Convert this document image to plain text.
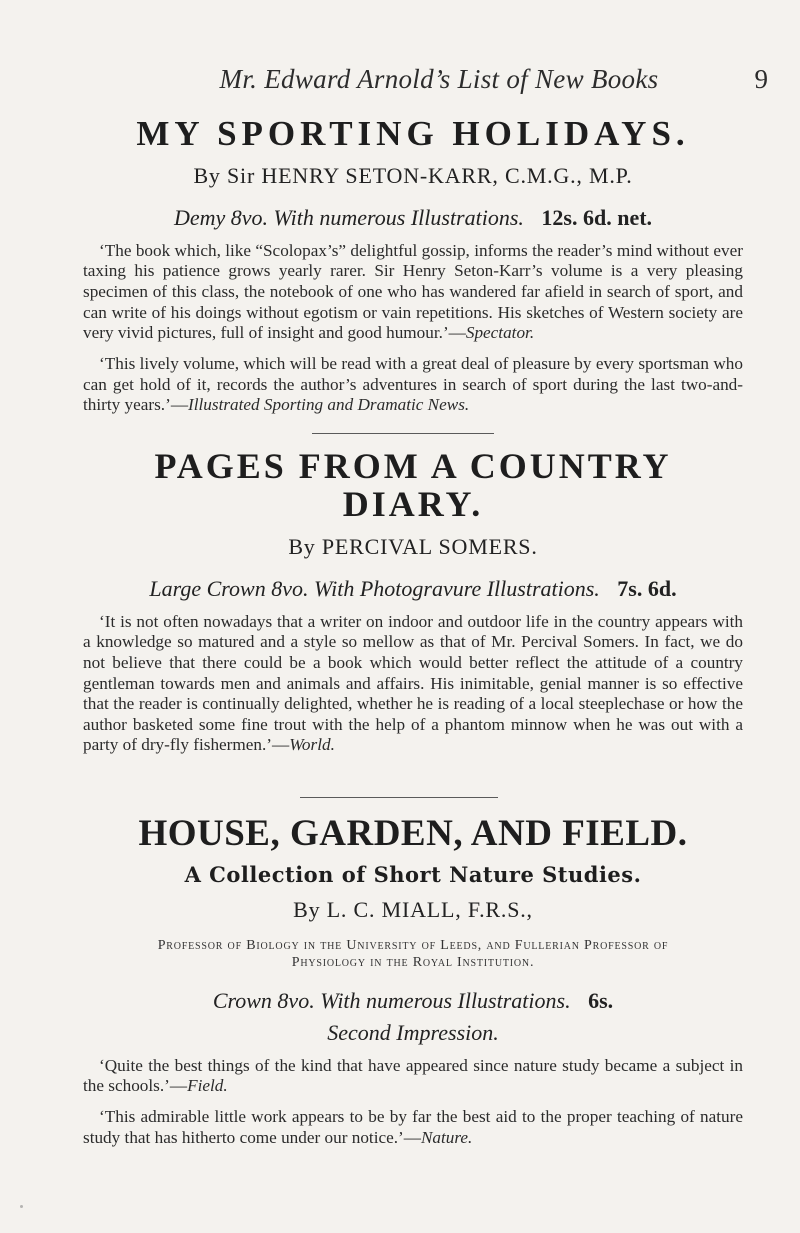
Mr. Edward Arnold’s List of New Books	9
MY SPORTING HOLIDAYS.
By Sir HENRY SETON-KARR, C.M.G., M.P.
Demy 8vo. With numerous Illustrations. 12s. 6d. net.

‘The book which, like “Scolopax’s” delightful gossip, informs the reader’s mind without ever taxing his patience grows yearly rarer. Sir Henry Seton-Karr’s volume is a very pleasing specimen of this class, the notebook of one who has wandered far afield in search of sport, and can write of his doings without egotism or vain repetitions. His sketches of Western society are very vivid pictures, full of insight and good humour.’—Spectator.

‘This lively volume, which will be read with a great deal of pleasure by every sportsman who can get hold of it, records the author’s adventures in search of sport during the last two-and-thirty years.’—Illustrated Sporting and Dramatic News.

PAGES FROM A COUNTRY DIARY.
By PERCIVAL SOMERS.
Large Crown 8vo. With Photogravure Illustrations. 7s. 6d.

‘It is not often nowadays that a writer on indoor and outdoor life in the country appears with a knowledge so matured and a style so mellow as that of Mr. Percival Somers. In fact, we do not believe that there could be a book which would better reflect the attitude of a country gentleman towards men and animals and affairs. His inimitable, genial manner is so effective that the reader is continually delighted, whether he is reading of a local steeplechase or how the author basketed some fine trout with the help of a phantom minnow when he was out with a party of dry-fly fishermen.’—World.

HOUSE, GARDEN, AND FIELD.
A Collection of Short Nature Studies.
By L. C. MIALL, F.R.S.,
Professor of Biology in the University of Leeds, and Fullerian Professor of
Physiology in the Royal Institution.
Crown 8vo. With numerous Illustrations. 6s.
Second Impression.

‘Quite the best things of the kind that have appeared since nature study became a subject in the schools.’—Field.

‘This admirable little work appears to be by far the best aid to the proper teaching of nature study that has hitherto come under our notice.’—Nature.
